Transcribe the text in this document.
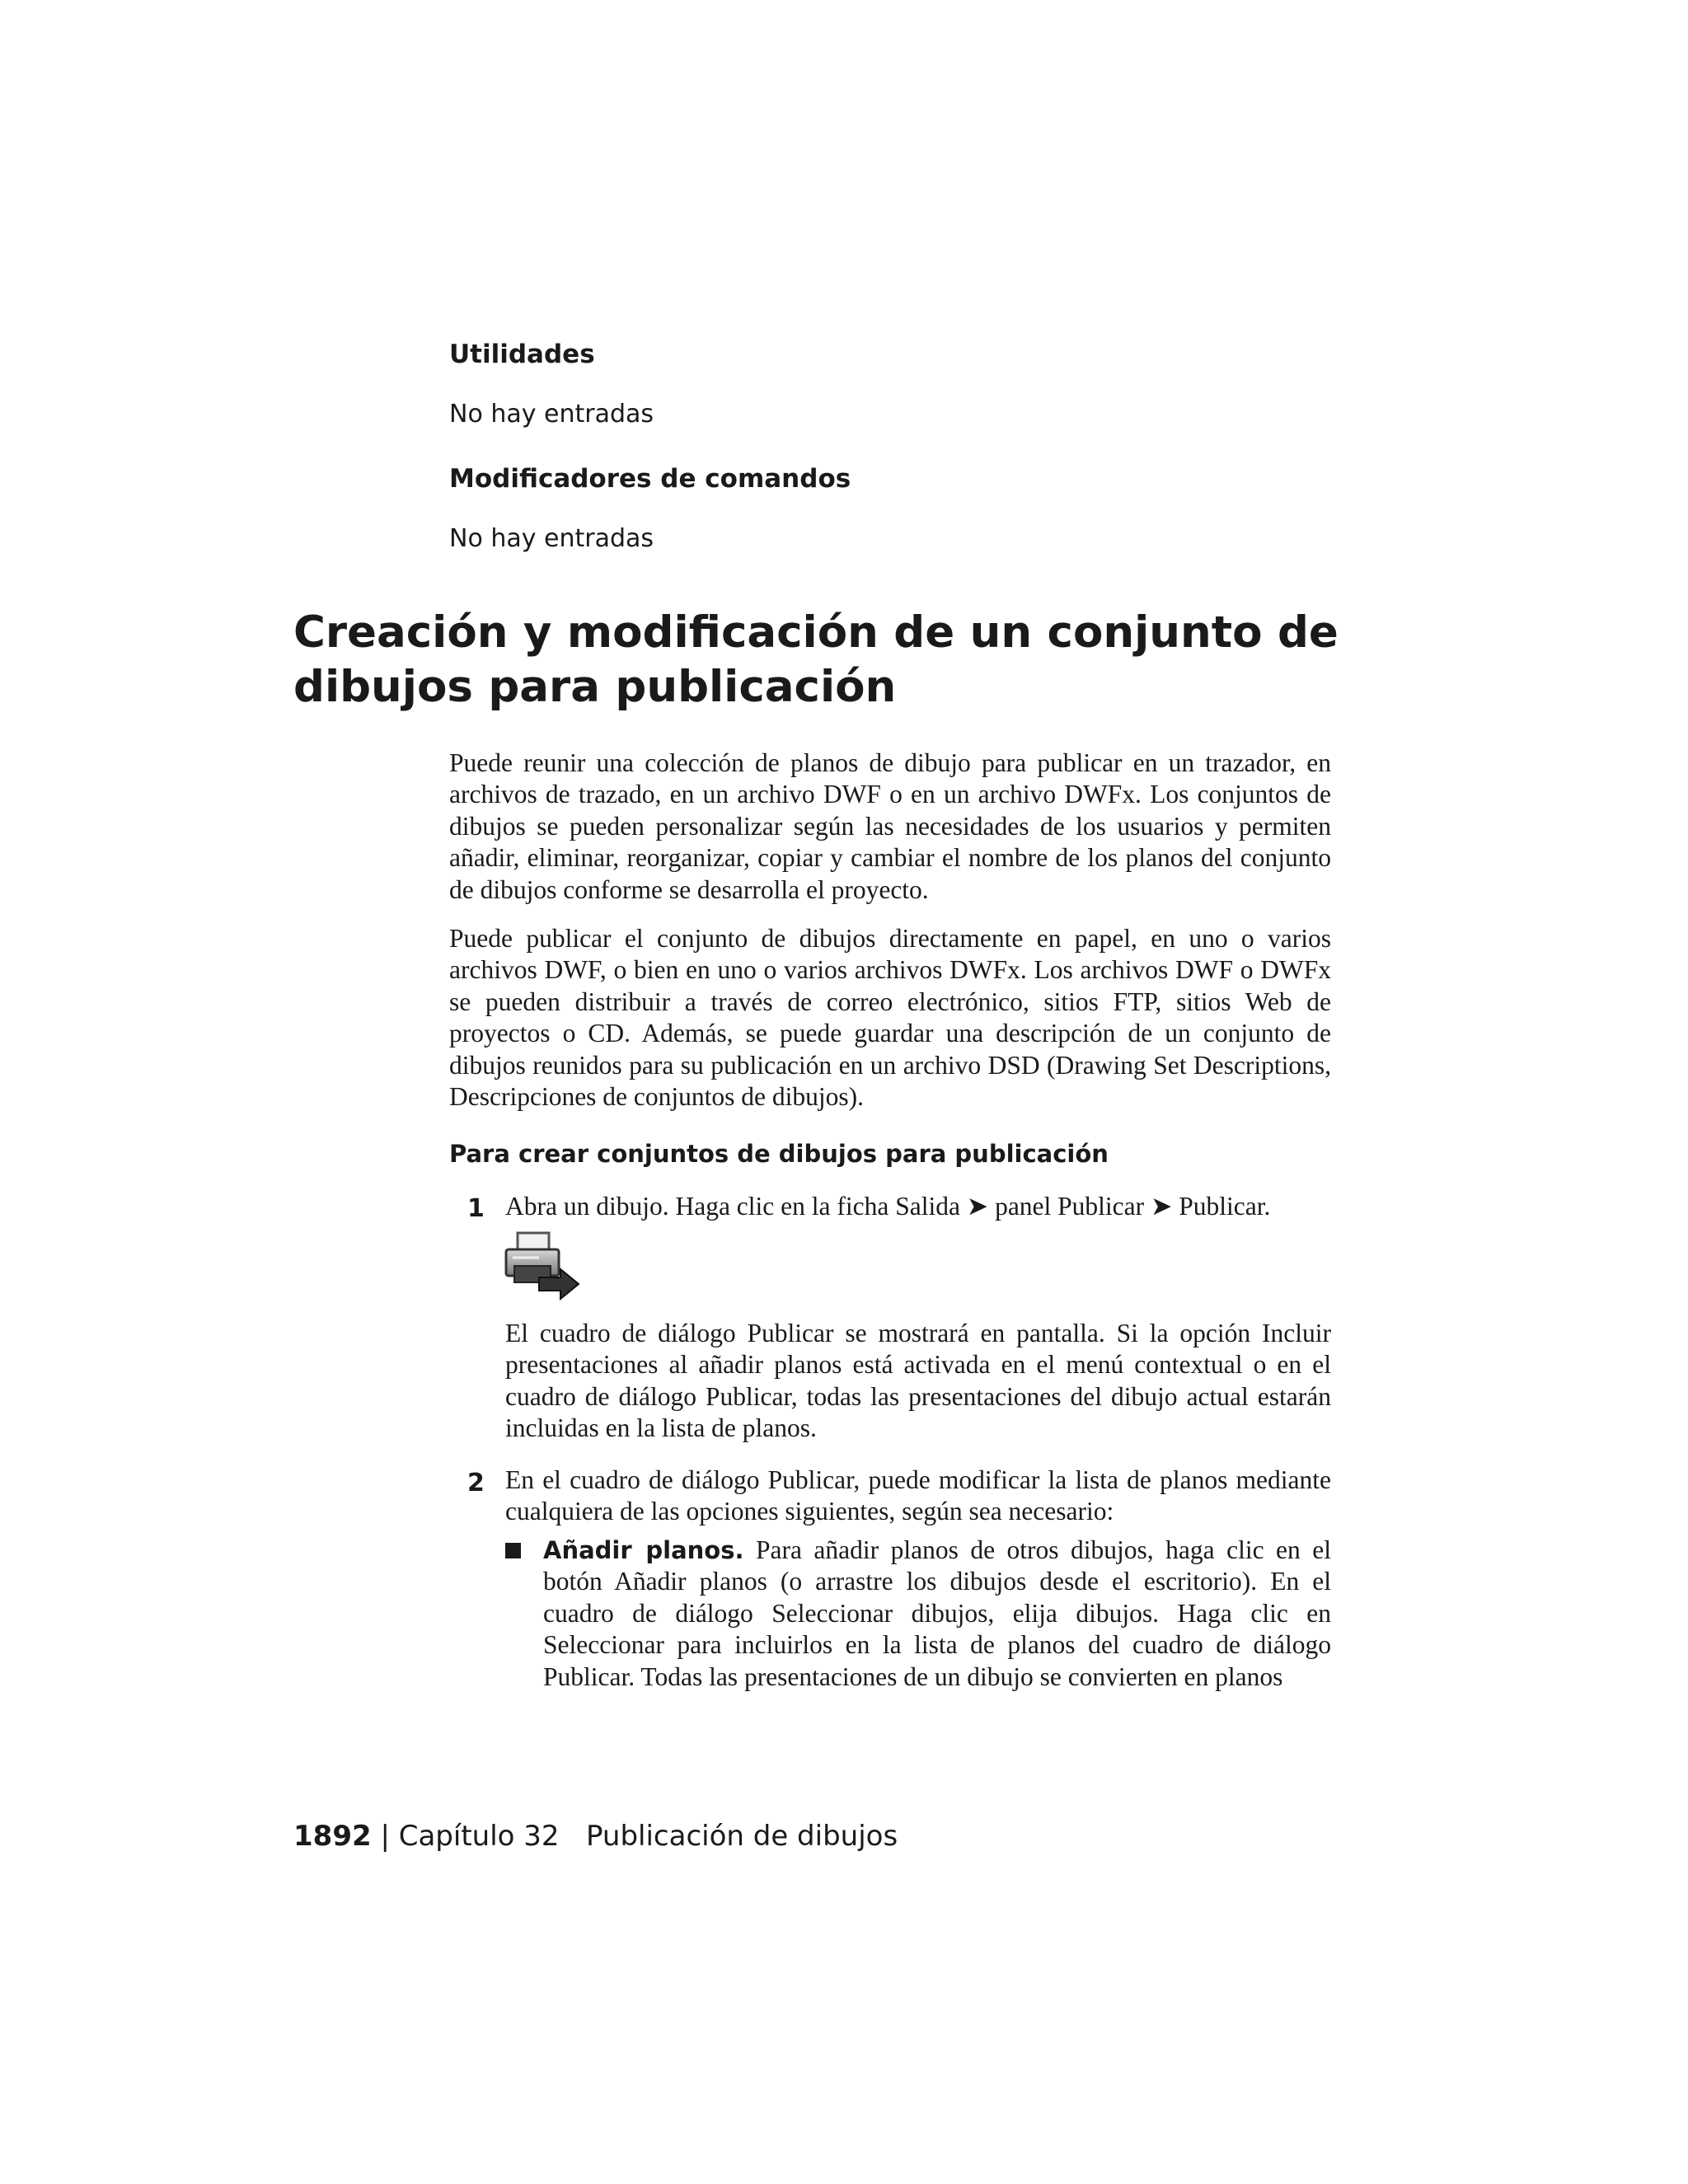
Utilidades
No hay entradas
Modificadores de comandos
No hay entradas
Creación y modificación de un conjunto de dibujos para publicación
Puede reunir una colección de planos de dibujo para publicar en un trazador, en archivos de trazado, en un archivo DWF o en un archivo DWFx. Los conjuntos de dibujos se pueden personalizar según las necesidades de los usuarios y permiten añadir, eliminar, reorganizar, copiar y cambiar el nombre de los planos del conjunto de dibujos conforme se desarrolla el proyecto.
Puede publicar el conjunto de dibujos directamente en papel, en uno o varios archivos DWF, o bien en uno o varios archivos DWFx. Los archivos DWF o DWFx se pueden distribuir a través de correo electrónico, sitios FTP, sitios Web de proyectos o CD. Además, se puede guardar una descripción de un conjunto de dibujos reunidos para su publicación en un archivo DSD (Drawing Set Descriptions, Descripciones de conjuntos de dibujos).
Para crear conjuntos de dibujos para publicación
1 Abra un dibujo. Haga clic en la ficha Salida ➤ panel Publicar ➤ Publicar.
El cuadro de diálogo Publicar se mostrará en pantalla. Si la opción Incluir presentaciones al añadir planos está activada en el menú contextual o en el cuadro de diálogo Publicar, todas las presentaciones del dibujo actual estarán incluidas en la lista de planos.
2 En el cuadro de diálogo Publicar, puede modificar la lista de planos mediante cualquiera de las opciones siguientes, según sea necesario:
Añadir planos. Para añadir planos de otros dibujos, haga clic en el botón Añadir planos (o arrastre los dibujos desde el escritorio). En el cuadro de diálogo Seleccionar dibujos, elija dibujos. Haga clic en Seleccionar para incluirlos en la lista de planos del cuadro de diálogo Publicar. Todas las presentaciones de un dibujo se convierten en planos
1892 | Capítulo 32 Publicación de dibujos
